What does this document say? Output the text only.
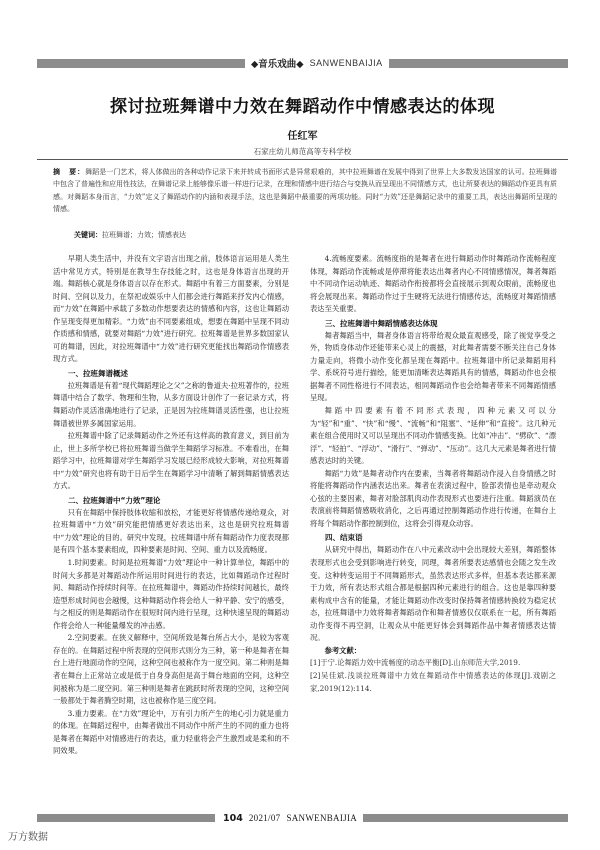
◆音乐戏曲◆ SANWENBAIJIA
探讨拉班舞谱中力效在舞蹈动作中情感表达的体现
任红军
石家庄幼儿师范高等专科学校
摘　要：舞蹈是一门艺术，将人体做出的各种动作记录下来并转成书面形式是异常艰难的，其中拉班舞谱在发展中得到了世界上大多数发达国家的认可。拉班舞谱中包含了普遍性和应用性技法，在舞谱记录上能够像乐谱一样进行记录，在理和情感中进行结合与变换从而呈现出不同情感方式，也让所要表达的舞蹈动作更具有质感。对舞蹈本身而言，“力效”定义了舞蹈动作的内涵和表现手法，这也是舞蹈中最重要的两项功能。同时“力效”还是舞蹈记录中的重要工具，表达出舞蹈所呈现的情感。
关键词：拉班舞谱；力效；情感表达

早期人类生活中，并没有文字语言出现之前，肢体语言运用是人类生活中常见方式，特别是在教导生存技能之时，这也是身体语言出现的开端。舞蹈核心就是身体语言以存在形式。舞蹈中有着三方面要素，分别是时间、空间以及力，在祭祀或娱乐中人们都会进行舞蹈来抒发内心情感，而“力效”在舞蹈中承载了多数动作想要表达的情感和内容，这也让舞蹈动作呈现变得更加精彩。“力效”由不同要素组成，想要在舞蹈中呈现不同动作质感和情感，就要对舞蹈“力效”进行研究。拉班舞谱是世界多数国家认可的舞谱，因此，对拉班舞谱中“力效”进行研究更能找出舞蹈动作情感表现方式。

一、拉班舞谱概述

拉班舞谱是有着“现代舞蹈理论之父”之称的鲁道夫·拉班著作的，拉班舞谱中结合了数学、物理和生物，从多方面设计创作了一套记录方式，将舞蹈动作灵活准确地进行了记录，正是因为拉班舞谱灵活性强，也让拉班舞谱被世界多属国家运用。

拉班舞谱中除了记录舞蹈动作之外还有这样高的教育意义，到目前为止，世上多所学校已将拉班舞谱当做学生舞蹈学习标准。不难看出，在舞蹈学习中，拉班舞谱对学生舞蹈学习发展已经形成较大影响，对拉班舞谱中“力效”研究也将有助于日后学生在舞蹈学习中清晰了解到舞蹈情感表达方式。

二、拉班舞谱中“力效”理论

只有在舞蹈中保持肢体收缩和放松，才能更好将情感传递给观众，对拉班舞谱中“力效”研究能把情感更好表达出来，这也是研究拉班舞谱中“力效”理论的目的。研究中发现，拉班舞谱中所有舞蹈动作力度表现都是有四个基本要素组成，四种要素是时间、空间、重力以及流畅度。

1.时间要素。时间是拉班舞谱“力效”理论中一种计算单位，舞蹈中的时间大多都是对舞蹈动作所运用时间进行的表达，比如舞蹈动作过程时间、舞蹈动作持续时间等。在拉班舞谱中，舞蹈动作持续时间越长，最终造型形成时间也会越慢，这种舞蹈动作将会给人一种平静、安宁的感受，与之相反的则是舞蹈动作在很短时间内进行呈现，这种快速呈现的舞蹈动作将会给人一种能量爆发的冲击感。

2.空间要素。在狭义解释中，空间所致是舞台所占大小，是较为客观存在的。在舞蹈过程中所表现的空间形式则分为三种，第一种是舞者在舞台上进行地面动作的空间，这种空间也被称作为一度空间。第二种则是舞者在舞台上正常站立或是低于自身身高但是高于舞台地面的空间，这种空间被称为是二度空间。第三种则是舞者在跳跃时所表现的空间，这种空间一般都处于舞者腾空时期，这也被称作是三度空间。

3.重力要素。在“力效”理论中，万有引力所产生的地心引力就是重力的体现。在舞蹈过程中，由舞者做出不同动作中所产生的不同的重力也将是舞者在舞蹈中对情感进行的表达，重力轻重将会产生激烈或是柔和的不同效果。

4.流畅度要素。流畅度指的是舞者在进行舞蹈动作时舞蹈动作流畅程度体现，舞蹈动作流畅或是停滞将能表达出舞者内心不同情感情况，舞者舞蹈中不同动作运动轨迹、舞蹈动作衔接都将会直接展示到观众眼前，流畅度也将会展现出来。舞蹈动作过于生硬将无法进行情感传达，流畅度对舞蹈情感表达至关重要。

三、拉班舞谱中舞蹈情感表达体现

舞者舞蹈当中，舞者身体语言将带给观众最直观感受，除了视觉享受之外，物质身体动作还能带来心灵上的震撼，对此舞者需要不断关注自己身体力量走向，将微小动作变化都呈现在舞蹈中。拉班舞谱中所记录舞蹈用科学、系统符号进行描绘，能更加清晰表达舞蹈具有的情感，舞蹈动作也会根据舞者不同性格进行不同表达，相同舞蹈动作也会给舞者带来不同舞蹈情感呈现。

舞蹈中四要素有着不同形式表现，四种元素又可以分为“轻”和“重”、“快”和“慢”、“流畅”和“阻塞”、“延伸”和“直接”。这几种元素在组合使用时又可以呈现出不同动作情感变换。比如“冲击”、“劈砍”、“漂浮”、“轻拍”、“浮动”、“滑行”、“弹动”、“压动”。这几大元素是舞者进行情感表达时的关键。

舞蹈“力效”是舞者动作内在要素，当舞者将舞蹈动作浸入自身情感之时将能将舞蹈动作内涵表达出来。舞者在表演过程中，脸部表情也是牵动观众心弦的主要因素，舞者对脸部肌肉动作表现形式也要进行注重。舞蹈演员在表演前将舞蹈情感吸收消化，之后再通过控制舞蹈动作进行传递，在舞台上将每个舞蹈动作都控制到位，这将会引得观众动容。

四、结束语

从研究中得出，舞蹈动作在八中元素改动中会出现较大差别，舞蹈整体表现形式也会受到影响进行转变，同理，舞者所要表达感情也会随之发生改变。这种转变运用于不同舞蹈形式，虽然表达形式多样，但基本表达都来源于力效，所有表达形式组合都是根据四种元素进行的组合。这也是靠四种要素构成中含有的能量，才能让舞蹈动作改变时保持舞者情感转换较为稳定状态，拉班舞谱中力效将舞者舞蹈动作和舞者情感仅仅联系在一起，所有舞蹈动作变得不再空洞，让观众从中能更好体会到舞蹈作品中舞者情感表达情况。

参考文献：

[1]于宁.论舞蹈力效中流畅度的动态平衡[D].山东师范大学,2019.

[2]吴佳斌.浅谈拉班舞谱中力效在舞蹈动作中情感表达的体现[J].戏剧之家,2019(12):114.

104 2021/07 SANWENBAIJIA
万方数据
